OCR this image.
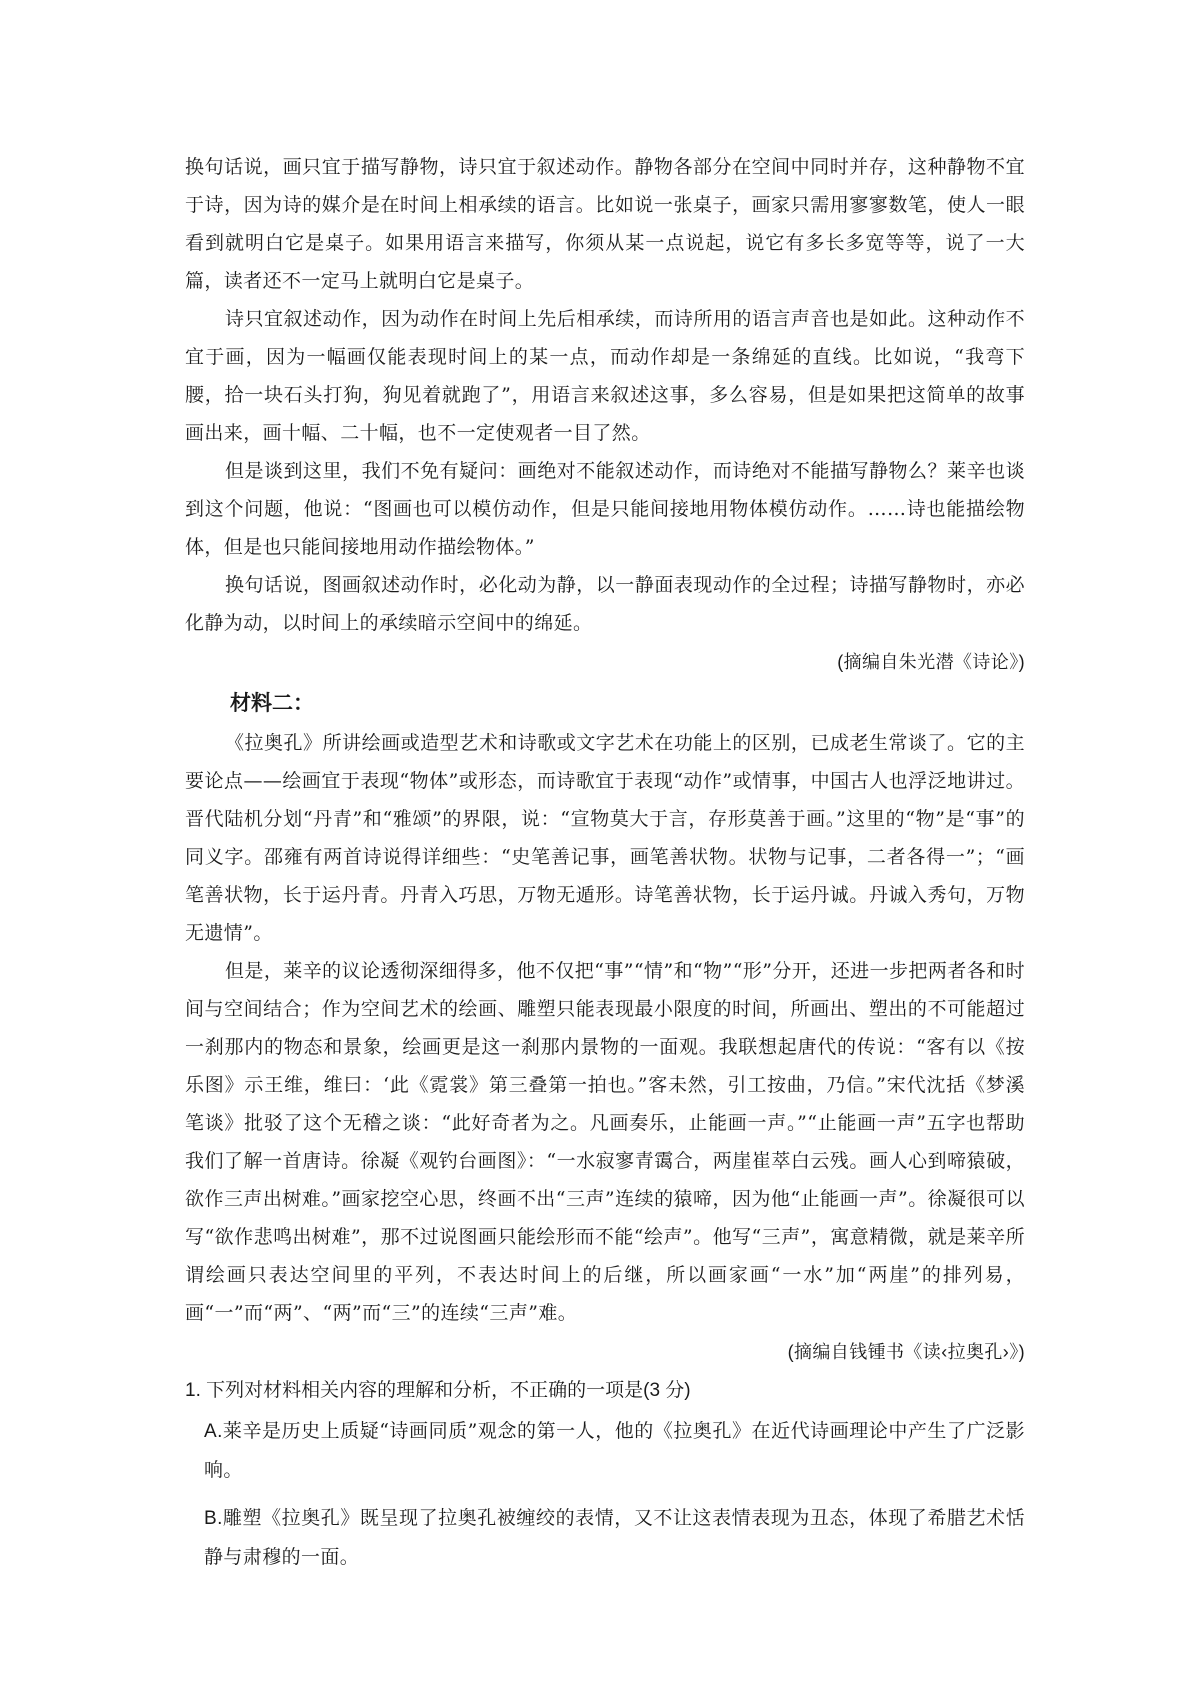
换句话说，画只宜于描写静物，诗只宜于叙述动作。静物各部分在空间中同时并存，这种静物不宜于诗，因为诗的媒介是在时间上相承续的语言。比如说一张桌子，画家只需用寥寥数笔，使人一眼看到就明白它是桌子。如果用语言来描写，你须从某一点说起，说它有多长多宽等等，说了一大篇，读者还不一定马上就明白它是桌子。

诗只宜叙述动作，因为动作在时间上先后相承续，而诗所用的语言声音也是如此。这种动作不宜于画，因为一幅画仅能表现时间上的某一点，而动作却是一条绵延的直线。比如说，“我弯下腰，拾一块石头打狗，狗见着就跑了”，用语言来叙述这事，多么容易，但是如果把这简单的故事画出来，画十幅、二十幅，也不一定使观者一目了然。

但是谈到这里，我们不免有疑问：画绝对不能叙述动作，而诗绝对不能描写静物么？莱辛也谈到这个问题，他说：“图画也可以模仿动作，但是只能间接地用物体模仿动作。……诗也能描绘物体，但是也只能间接地用动作描绘物体。”

换句话说，图画叙述动作时，必化动为静，以一静面表现动作的全过程；诗描写静物时，亦必化静为动，以时间上的承续暗示空间中的绵延。

(摘编自朱光潜《诗论》)

材料二：

《拉奥孔》所讲绘画或造型艺术和诗歌或文字艺术在功能上的区别，已成老生常谈了。它的主要论点——绘画宜于表现“物体”或形态，而诗歌宜于表现“动作”或情事，中国古人也浮泛地讲过。晋代陆机分划“丹青”和“雅颂”的界限，说：“宣物莫大于言，存形莫善于画。”这里的“物”是“事”的同义字。邵雍有两首诗说得详细些：“史笔善记事，画笔善状物。状物与记事，二者各得一”；“画笔善状物，长于运丹青。丹青入巧思，万物无遁形。诗笔善状物，长于运丹诚。丹诚入秀句，万物无遗情”。

但是，莱辛的议论透彻深细得多，他不仅把“事”“情”和“物”“形”分开，还进一步把两者各和时间与空间结合；作为空间艺术的绘画、雕塑只能表现最小限度的时间，所画出、塑出的不可能超过一刹那内的物态和景象，绘画更是这一刹那内景物的一面观。我联想起唐代的传说：“客有以《按乐图》示王维，维曰：‘此《霓裳》第三叠第一拍也。”客未然，引工按曲，乃信。”宋代沈括《梦溪笔谈》批驳了这个无稽之谈：“此好奇者为之。凡画奏乐，止能画一声。”“止能画一声”五字也帮助我们了解一首唐诗。徐凝《观钓台画图》：“一水寂寥青霭合，两崖崔萃白云残。画人心到啼猿破，欲作三声出树难。”画家挖空心思，终画不出“三声”连续的猿啼，因为他“止能画一声”。徐凝很可以写“欲作悲鸣出树难”，那不过说图画只能绘形而不能“绘声”。他写“三声”，寓意精微，就是莱辛所谓绘画只表达空间里的平列，不表达时间上的后继，所以画家画“一水”加“两崖”的排列易，画“一”而“两”、“两”而“三”的连续“三声”难。

(摘编自钱锺书《读‹拉奥孔›》)

1. 下列对材料相关内容的理解和分析，不正确的一项是(3 分)

A.莱辛是历史上质疑“诗画同质”观念的第一人，他的《拉奥孔》在近代诗画理论中产生了广泛影响。

B.雕塑《拉奥孔》既呈现了拉奥孔被缠绞的表情，又不让这表情表现为丑态，体现了希腊艺术恬静与肃穆的一面。
